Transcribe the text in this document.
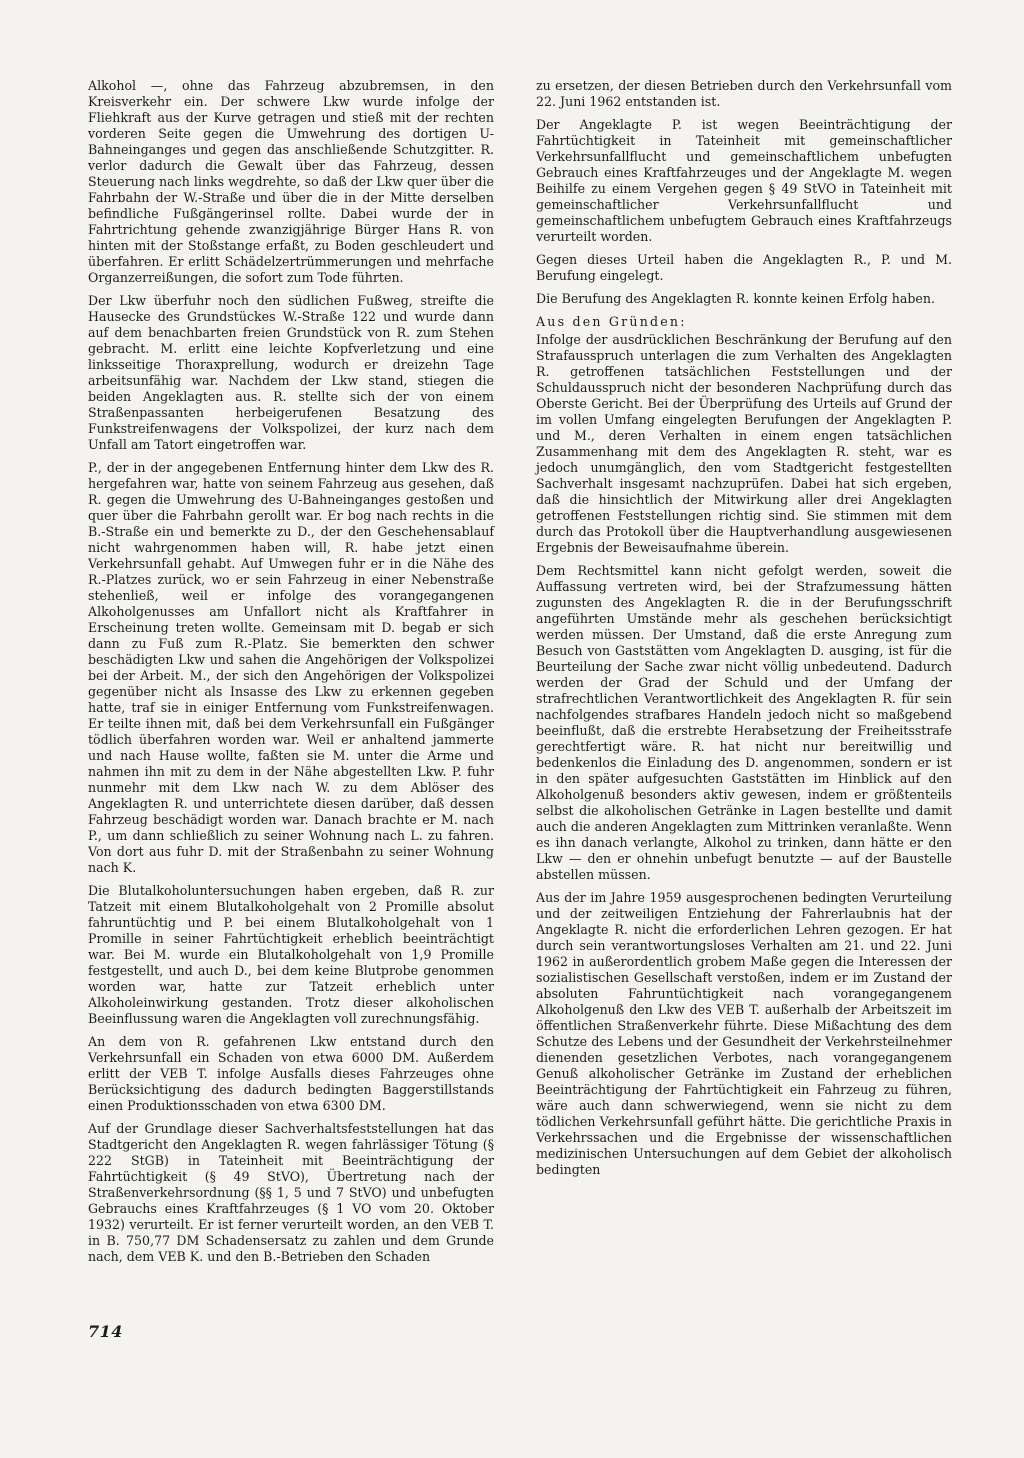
Alkohol —, ohne das Fahrzeug abzubremsen, in den Kreisverkehr ein. Der schwere Lkw wurde infolge der Fliehkraft aus der Kurve getragen und stieß mit der rechten vorderen Seite gegen die Umwehrung des dortigen U-Bahneinganges und gegen das anschließende Schutzgitter. R. verlor dadurch die Gewalt über das Fahrzeug, dessen Steuerung nach links wegdrehte, so daß der Lkw quer über die Fahrbahn der W.-Straße und über die in der Mitte derselben befindliche Fußgängerinsel rollte. Dabei wurde der in Fahrtrichtung gehende zwanzigjährige Bürger Hans R. von hinten mit der Stoßstange erfaßt, zu Boden geschleudert und überfahren. Er erlitt Schädelzertrümmerungen und mehrfache Organzerreißungen, die sofort zum Tode führten.

Der Lkw überfuhr noch den südlichen Fußweg, streifte die Hausecke des Grundstückes W.-Straße 122 und wurde dann auf dem benachbarten freien Grundstück von R. zum Stehen gebracht. M. erlitt eine leichte Kopfverletzung und eine linksseitige Thoraxprellung, wodurch er dreizehn Tage arbeitsunfähig war. Nachdem der Lkw stand, stiegen die beiden Angeklagten aus. R. stellte sich der von einem Straßenpassanten herbeigerufenen Besatzung des Funkstreifenwagens der Volkspolizei, der kurz nach dem Unfall am Tatort eingetroffen war.

P., der in der angegebenen Entfernung hinter dem Lkw des R. hergefahren war, hatte von seinem Fahrzeug aus gesehen, daß R. gegen die Umwehrung des U-Bahneinganges gestoßen und quer über die Fahrbahn gerollt war. Er bog nach rechts in die B.-Straße ein und bemerkte zu D., der den Geschehensablauf nicht wahrgenommen haben will, R. habe jetzt einen Verkehrsunfall gehabt. Auf Umwegen fuhr er in die Nähe des R.-Platzes zurück, wo er sein Fahrzeug in einer Nebenstraße stehenließ, weil er infolge des vorangegangenen Alkoholgenusses am Unfallort nicht als Kraftfahrer in Erscheinung treten wollte. Gemeinsam mit D. begab er sich dann zu Fuß zum R.-Platz. Sie bemerkten den schwer beschädigten Lkw und sahen die Angehörigen der Volkspolizei bei der Arbeit. M., der sich den Angehörigen der Volkspolizei gegenüber nicht als Insasse des Lkw zu erkennen gegeben hatte, traf sie in einiger Entfernung vom Funkstreifenwagen. Er teilte ihnen mit, daß bei dem Verkehrsunfall ein Fußgänger tödlich überfahren worden war. Weil er anhaltend jammerte und nach Hause wollte, faßten sie M. unter die Arme und nahmen ihn mit zu dem in der Nähe abgestellten Lkw. P. fuhr nunmehr mit dem Lkw nach W. zu dem Ablöser des Angeklagten R. und unterrichtete diesen darüber, daß dessen Fahrzeug beschädigt worden war. Danach brachte er M. nach P., um dann schließlich zu seiner Wohnung nach L. zu fahren. Von dort aus fuhr D. mit der Straßenbahn zu seiner Wohnung nach K.

Die Blutalkoholuntersuchungen haben ergeben, daß R. zur Tatzeit mit einem Blutalkoholgehalt von 2 Promille absolut fahruntüchtig und P. bei einem Blutalkoholgehalt von 1 Promille in seiner Fahrtüchtigkeit erheblich beeinträchtigt war. Bei M. wurde ein Blutalkoholgehalt von 1,9 Promille festgestellt, und auch D., bei dem keine Blutprobe genommen worden war, hatte zur Tatzeit erheblich unter Alkoholeinwirkung gestanden. Trotz dieser alkoholischen Beeinflussung waren die Angeklagten voll zurechnungsfähig.

An dem von R. gefahrenen Lkw entstand durch den Verkehrsunfall ein Schaden von etwa 6000 DM. Außerdem erlitt der VEB T. infolge Ausfalls dieses Fahrzeuges ohne Berücksichtigung des dadurch bedingten Baggerstillstands einen Produktionsschaden von etwa 6300 DM.

Auf der Grundlage dieser Sachverhaltsfeststellungen hat das Stadtgericht den Angeklagten R. wegen fahrlässiger Tötung (§ 222 StGB) in Tateinheit mit Beeinträchtigung der Fahrtüchtigkeit (§ 49 StVO), Übertretung nach der Straßenverkehrsordnung (§§ 1, 5 und 7 StVO) und unbefugten Gebrauchs eines Kraftfahrzeuges (§ 1 VO vom 20. Oktober 1932) verurteilt. Er ist ferner verurteilt worden, an den VEB T. in B. 750,77 DM Schadensersatz zu zahlen und dem Grunde nach, dem VEB K. und den B.-Betrieben den Schaden

zu ersetzen, der diesen Betrieben durch den Verkehrsunfall vom 22. Juni 1962 entstanden ist.

Der Angeklagte P. ist wegen Beeinträchtigung der Fahrtüchtigkeit in Tateinheit mit gemeinschaftlicher Verkehrsunfallflucht und gemeinschaftlichem unbefugten Gebrauch eines Kraftfahrzeuges und der Angeklagte M. wegen Beihilfe zu einem Vergehen gegen § 49 StVO in Tateinheit mit gemeinschaftlicher Verkehrsunfallflucht und gemeinschaftlichem unbefugtem Gebrauch eines Kraftfahrzeugs verurteilt worden.

Gegen dieses Urteil haben die Angeklagten R., P. und M. Berufung eingelegt.

Die Berufung des Angeklagten R. konnte keinen Erfolg haben.

Aus den Gründen:

Infolge der ausdrücklichen Beschränkung der Berufung auf den Strafausspruch unterlagen die zum Verhalten des Angeklagten R. getroffenen tatsächlichen Feststellungen und der Schuldausspruch nicht der besonderen Nachprüfung durch das Oberste Gericht. Bei der Überprüfung des Urteils auf Grund der im vollen Umfang eingelegten Berufungen der Angeklagten P. und M., deren Verhalten in einem engen tatsächlichen Zusammenhang mit dem des Angeklagten R. steht, war es jedoch unumgänglich, den vom Stadtgericht festgestellten Sachverhalt insgesamt nachzuprüfen. Dabei hat sich ergeben, daß die hinsichtlich der Mitwirkung aller drei Angeklagten getroffenen Feststellungen richtig sind. Sie stimmen mit dem durch das Protokoll über die Hauptverhandlung ausgewiesenen Ergebnis der Beweisaufnahme überein.

Dem Rechtsmittel kann nicht gefolgt werden, soweit die Auffassung vertreten wird, bei der Strafzumessung hätten zugunsten des Angeklagten R. die in der Berufungsschrift angeführten Umstände mehr als geschehen berücksichtigt werden müssen. Der Umstand, daß die erste Anregung zum Besuch von Gaststätten vom Angeklagten D. ausging, ist für die Beurteilung der Sache zwar nicht völlig unbedeutend. Dadurch werden der Grad der Schuld und der Umfang der strafrechtlichen Verantwortlichkeit des Angeklagten R. für sein nachfolgendes strafbares Handeln jedoch nicht so maßgebend beeinflußt, daß die erstrebte Herabsetzung der Freiheitsstrafe gerechtfertigt wäre. R. hat nicht nur bereitwillig und bedenkenlos die Einladung des D. angenommen, sondern er ist in den später aufgesuchten Gaststätten im Hinblick auf den Alkoholgenuß besonders aktiv gewesen, indem er größtenteils selbst die alkoholischen Getränke in Lagen bestellte und damit auch die anderen Angeklagten zum Mittrinken veranlaßte. Wenn es ihn danach verlangte, Alkohol zu trinken, dann hätte er den Lkw — den er ohnehin unbefugt benutzte — auf der Baustelle abstellen müssen.

Aus der im Jahre 1959 ausgesprochenen bedingten Verurteilung und der zeitweiligen Entziehung der Fahrerlaubnis hat der Angeklagte R. nicht die erforderlichen Lehren gezogen. Er hat durch sein verantwortungsloses Verhalten am 21. und 22. Juni 1962 in außerordentlich grobem Maße gegen die Interessen der sozialistischen Gesellschaft verstoßen, indem er im Zustand der absoluten Fahruntüchtigkeit nach vorangegangenem Alkoholgenuß den Lkw des VEB T. außerhalb der Arbeitszeit im öffentlichen Straßenverkehr führte. Diese Mißachtung des dem Schutze des Lebens und der Gesundheit der Verkehrsteilnehmer dienenden gesetzlichen Verbotes, nach vorangegangenem Genuß alkoholischer Getränke im Zustand der erheblichen Beeinträchtigung der Fahrtüchtigkeit ein Fahrzeug zu führen, wäre auch dann schwerwiegend, wenn sie nicht zu dem tödlichen Verkehrsunfall geführt hätte. Die gerichtliche Praxis in Verkehrssachen und die Ergebnisse der wissenschaftlichen medizinischen Untersuchungen auf dem Gebiet der alkoholisch bedingten

714
